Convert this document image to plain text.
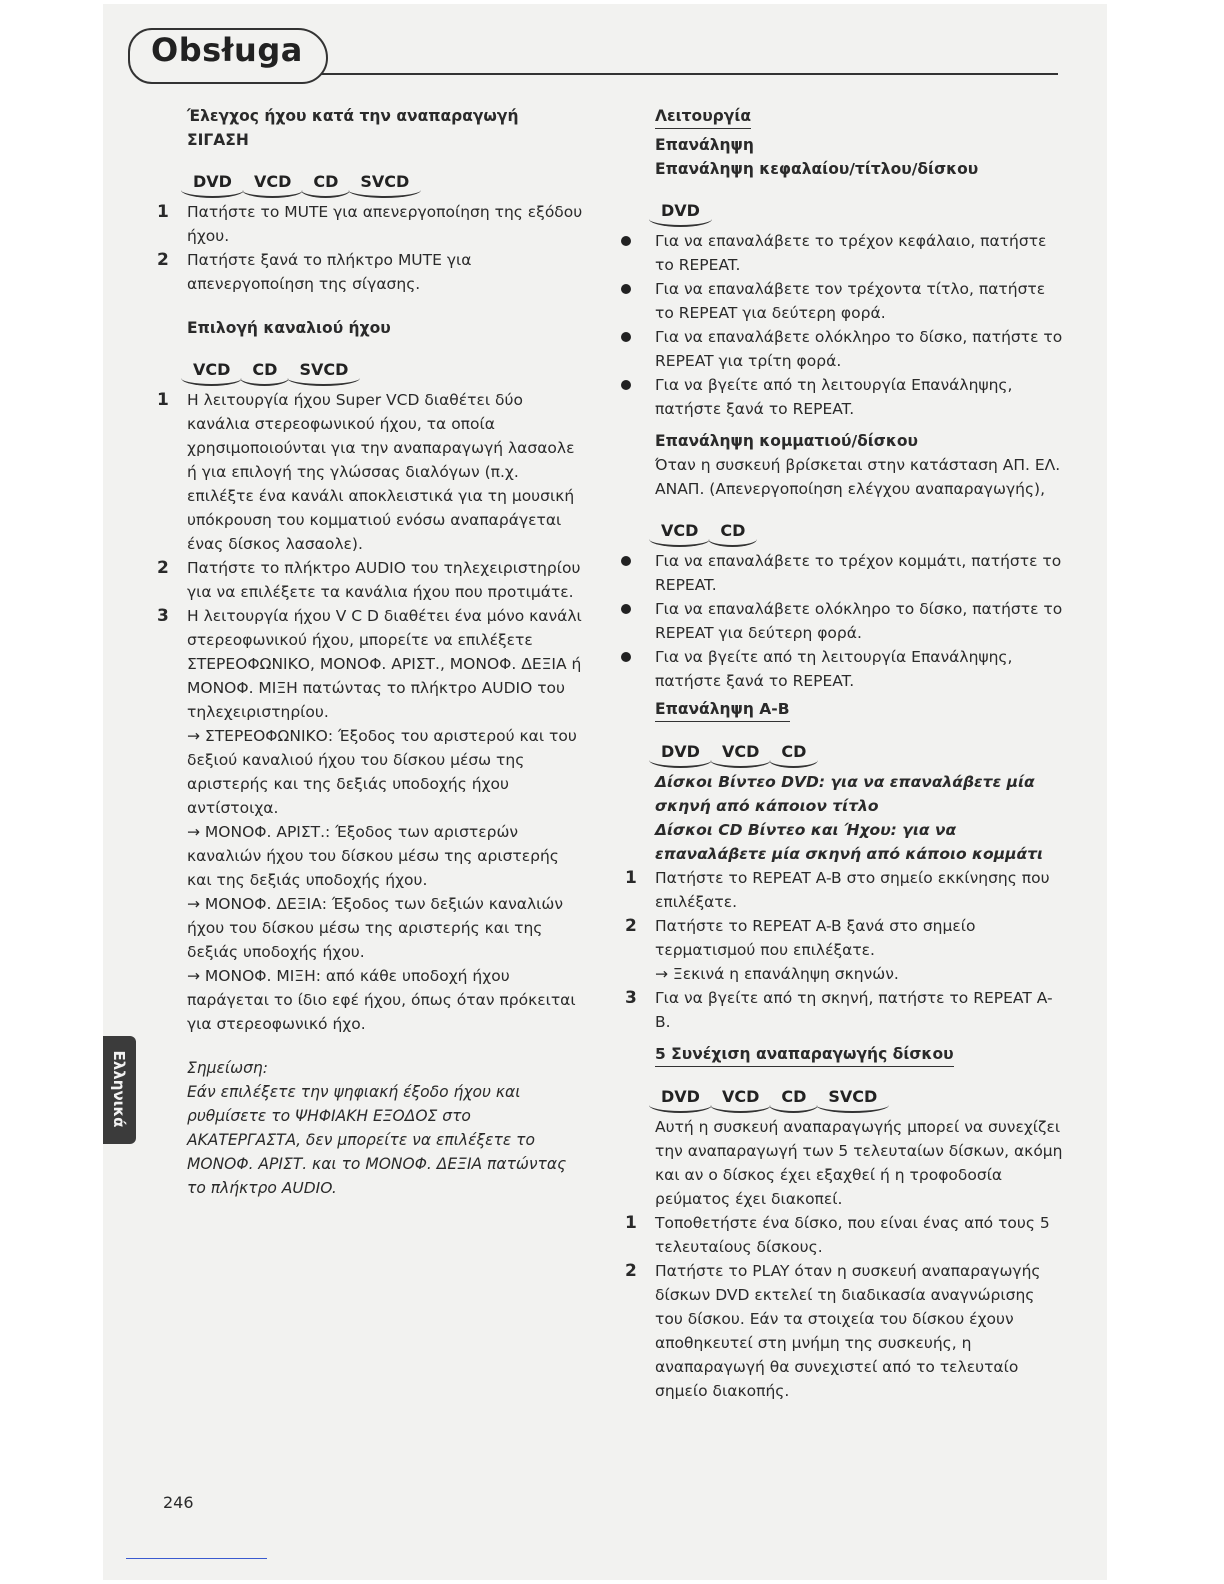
Obsługa

Έλεγχος ήχου κατά την αναπαραγωγή

ΣΙΓΑΣΗ

DVD	VCD	CD	SVCD
1 Πατήστε το MUTE για απενεργοποίηση της εξόδου ήχου.

2 Πατήστε ξανά το πλήκτρο MUTE για απενεργοποίηση της σίγασης.

Επιλογή καναλιού ήχου

VCD	CD	SVCD
1 Η λειτουργία ήχου Super VCD διαθέτει δύο κανάλια στερεοφωνικού ήχου, τα οποία χρησιμοποιούνται για την αναπαραγωγή λασαολε ή για επιλογή της γλώσσας διαλόγων (π.χ. επιλέξτε ένα κανάλι αποκλειστικά για τη μουσική υπόκρουση του κομματιού ενόσω αναπαράγεται ένας δίσκος λασαολε).

2 Πατήστε το πλήκτρο AUDIO του τηλεχειριστηρίου για να επιλέξετε τα κανάλια ήχου που προτιμάτε.

3 Η λειτουργία ήχου V C D διαθέτει ένα μόνο κανάλι στερεοφωνικού ήχου, μπορείτε να επιλέξετε ΣΤΕΡΕΟΦΩΝΙΚΟ, ΜΟΝΟΦ. ΑΡΙΣΤ., ΜΟΝΟΦ. ΔΕΞΙΑ ή ΜΟΝΟΦ. ΜΙΞΗ πατώντας το πλήκτρο AUDIO του τηλεχειριστηρίου.

→ ΣΤΕΡΕΟΦΩΝΙΚΟ: Έξοδος του αριστερού και του δεξιού καναλιού ήχου του δίσκου μέσω της αριστερής και της δεξιάς υποδοχής ήχου αντίστοιχα.

→ ΜΟΝΟΦ. ΑΡΙΣΤ.: Έξοδος των αριστερών καναλιών ήχου του δίσκου μέσω της αριστερής και της δεξιάς υποδοχής ήχου.

→ ΜΟΝΟΦ. ΔΕΞΙΑ: Έξοδος των δεξιών καναλιών ήχου του δίσκου μέσω της αριστερής και της δεξιάς υποδοχής ήχου.

→ ΜΟΝΟΦ. ΜΙΞΗ: από κάθε υποδοχή ήχου παράγεται το ίδιο εφέ ήχου, όπως όταν πρόκειται για στερεοφωνικό ήχο.

Σημείωση:

Εάν επιλέξετε την ψηφιακή έξοδο ήχου και ρυθμίσετε το ΨΗΦΙΑΚΗ ΕΞΟΔΟΣ στο ΑΚΑΤΕΡΓΑΣΤΑ, δεν μπορείτε να επιλέξετε το ΜΟΝΟΦ. ΑΡΙΣΤ. και το ΜΟΝΟΦ. ΔΕΞΙΑ πατώντας το πλήκτρο AUDIO.

Λειτουργία

Επανάληψη

Επανάληψη κεφαλαίου/τίτλου/δίσκου

DVD

Για να επαναλάβετε το τρέχον κεφάλαιο, πατήστε το REPEAT.

Για να επαναλάβετε τον τρέχοντα τίτλο, πατήστε το REPEAT για δεύτερη φορά.

Για να επαναλάβετε ολόκληρο το δίσκο, πατήστε το REPEAT για τρίτη φορά.

Για να βγείτε από τη λειτουργία Επανάληψης, πατήστε ξανά το REPEAT.

Επανάληψη κομματιού/δίσκου

Όταν η συσκευή βρίσκεται στην κατάσταση ΑΠ. ΕΛ. ΑΝΑΠ. (Απενεργοποίηση ελέγχου αναπαραγωγής),

VCD	CD

Για να επαναλάβετε το τρέχον κομμάτι, πατήστε το REPEAT.

Για να επαναλάβετε ολόκληρο το δίσκο, πατήστε το REPEAT για δεύτερη φορά.

Για να βγείτε από τη λειτουργία Επανάληψης, πατήστε ξανά το REPEAT.

Επανάληψη A-B

DVD	VCD	CD

Δίσκοι Βίντεο DVD: για να επαναλάβετε μία σκηνή από κάποιον τίτλο

Δίσκοι CD Βίντεο και Ήχου: για να επαναλάβετε μία σκηνή από κάποιο κομμάτι

1 Πατήστε το REPEAT A-B στο σημείο εκκίνησης που επιλέξατε.

2 Πατήστε το REPEAT A-B ξανά στο σημείο τερματισμού που επιλέξατε.

→ Ξεκινά η επανάληψη σκηνών.

3 Για να βγείτε από τη σκηνή, πατήστε το REPEAT A-B.

5 Συνέχιση αναπαραγωγής δίσκου

DVD	VCD	CD	SVCD

Αυτή η συσκευή αναπαραγωγής μπορεί να συνεχίζει την αναπαραγωγή των 5 τελευταίων δίσκων, ακόμη και αν ο δίσκος έχει εξαχθεί ή η τροφοδοσία ρεύματος έχει διακοπεί.

1 Τοποθετήστε ένα δίσκο, που είναι ένας από τους 5 τελευταίους δίσκους.

2 Πατήστε το PLAY όταν η συσκευή αναπαραγωγής δίσκων DVD εκτελεί τη διαδικασία αναγνώρισης του δίσκου. Εάν τα στοιχεία του δίσκου έχουν αποθηκευτεί στη μνήμη της συσκευής, η αναπαραγωγή θα συνεχιστεί από το τελευταίο σημείο διακοπής.

Ελληνικά
246
